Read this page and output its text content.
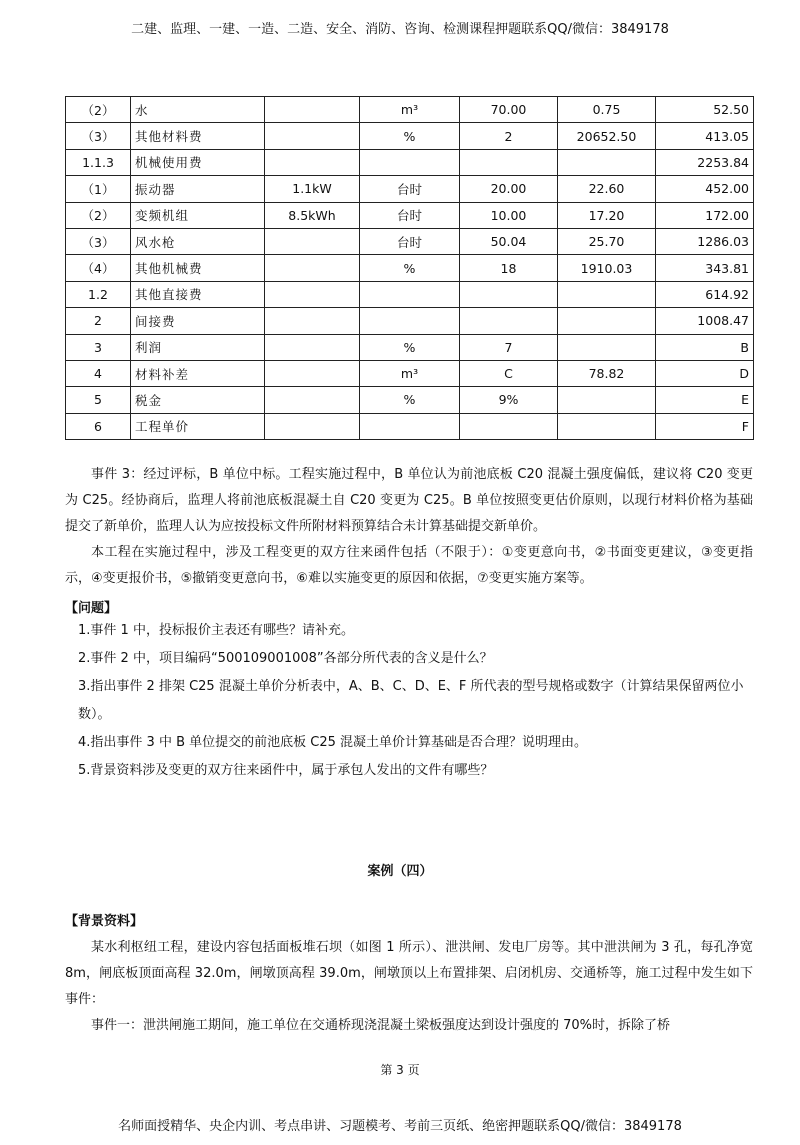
二建、监理、一建、一造、二造、安全、消防、咨询、检测课程押题联系QQ/微信：3849178
（2）	水		m³	70.00	0.75	52.50
（3）	其他材料费		%	2	20652.50	413.05
1.1.3	机械使用费					2253.84
（1）	振动器	1.1kW	台时	20.00	22.60	452.00
（2）	变频机组	8.5kWh	台时	10.00	17.20	172.00
（3）	风水枪		台时	50.04	25.70	1286.03
（4）	其他机械费		%	18	1910.03	343.81
1.2	其他直接费					614.92
2	间接费					1008.47
3	利润		%	7		B
4	材料补差		m³	C	78.82	D
5	税金		%	9%		E
6	工程单价					F

事件 3：经过评标，B 单位中标。工程实施过程中，B 单位认为前池底板 C20 混凝土强度偏低，建议将 C20 变更为 C25。经协商后，监理人将前池底板混凝土自 C20 变更为 C25。B 单位按照变更估价原则，以现行材料价格为基础提交了新单价，监理人认为应按投标文件所附材料预算结合未计算基础提交新单价。

本工程在实施过程中，涉及工程变更的双方往来函件包括（不限于）：①变更意向书，②书面变更建议，③变更指示，④变更报价书，⑤撤销变更意向书，⑥难以实施变更的原因和依据，⑦变更实施方案等。

【问题】

1.事件 1 中，投标报价主表还有哪些？请补充。

2.事件 2 中，项目编码“500109001008”各部分所代表的含义是什么？

3.指出事件 2 排架 C25 混凝土单价分析表中，A、B、C、D、E、F 所代表的型号规格或数字（计算结果保留两位小数）。

4.指出事件 3 中 B 单位提交的前池底板 C25 混凝土单价计算基础是否合理？说明理由。

5.背景资料涉及变更的双方往来函件中，属于承包人发出的文件有哪些？

案例（四）
【背景资料】

某水利枢纽工程，建设内容包括面板堆石坝（如图 1 所示）、泄洪闸、发电厂房等。其中泄洪闸为 3 孔，每孔净宽 8m，闸底板顶面高程 32.0m，闸墩顶高程 39.0m，闸墩顶以上布置排架、启闭机房、交通桥等，施工过程中发生如下事件：

事件一：泄洪闸施工期间，施工单位在交通桥现浇混凝土梁板强度达到设计强度的 70%时，拆除了桥

第 3 页
名师面授精华、央企内训、考点串讲、习题模考、考前三页纸、绝密押题联系QQ/微信：3849178
